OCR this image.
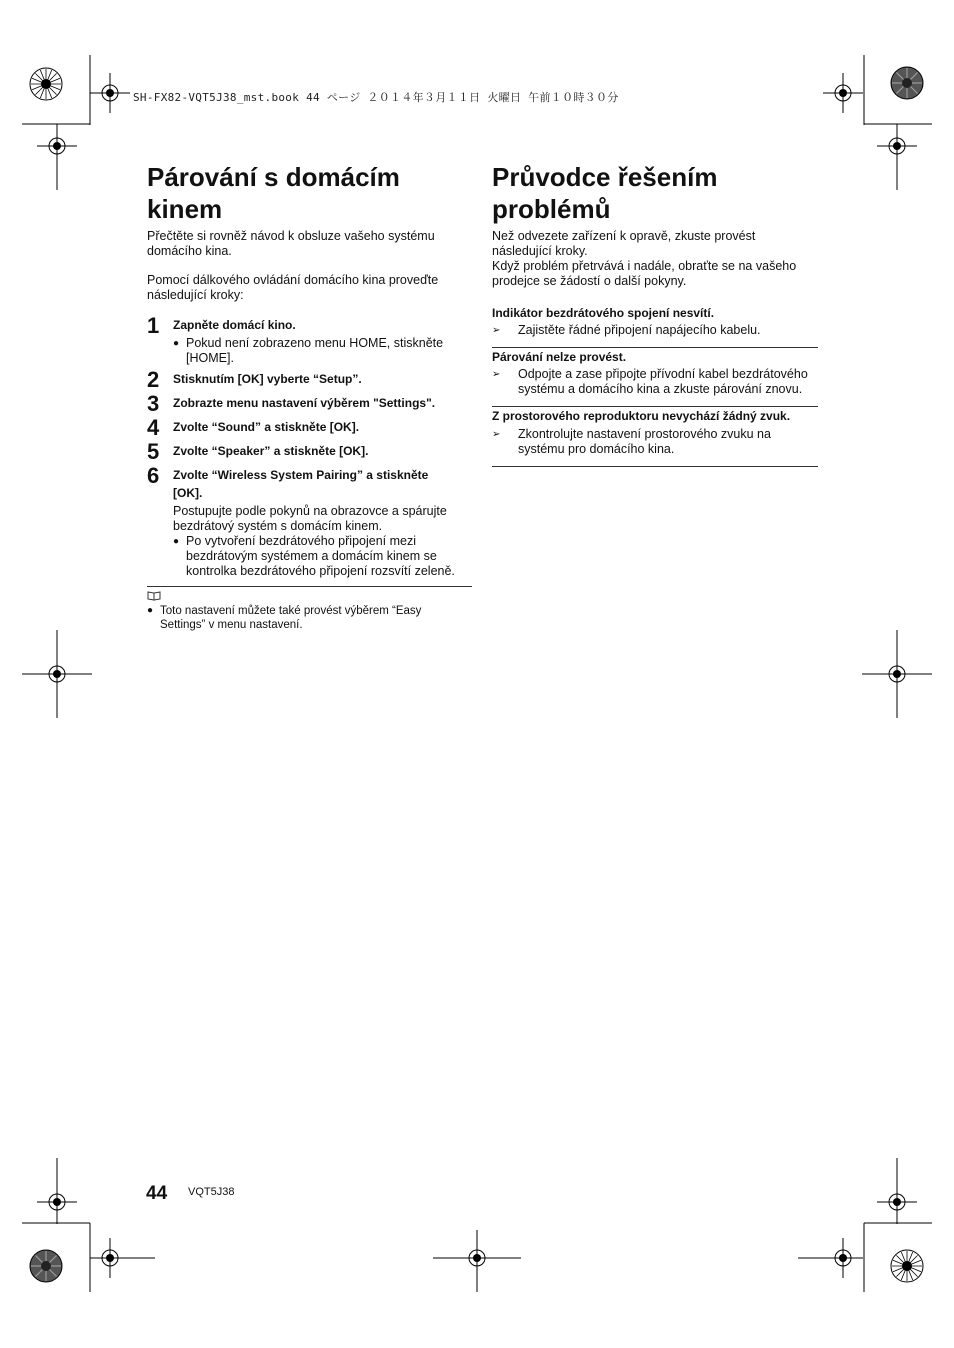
SH-FX82-VQT5J38_mst.book 44 ページ ２０１４年３月１１日 火曜日 午前１０時３０分
Párování s domácím
kinem
Přečtěte si rovněž návod k obsluze vašeho systému
domácího kina.
Pomocí dálkového ovládání domácího kina proveďte
následující kroky:
1 Zapněte domácí kino.
● Pokud není zobrazeno menu HOME, stiskněte
[HOME].
2 Stisknutím [OK] vyberte “Setup”.
3 Zobrazte menu nastavení výběrem "Settings".
4 Zvolte “Sound” a stiskněte [OK].
5 Zvolte “Speaker” a stiskněte [OK].
6 Zvolte “Wireless System Pairing” a stiskněte
[OK].
Postupujte podle pokynů na obrazovce a spárujte
bezdrátový systém s domácím kinem.
● Po vytvoření bezdrátového připojení mezi
bezdrátovým systémem a domácím kinem se
kontrolka bezdrátového připojení rozsvítí zeleně.
● Toto nastavení můžete také provést výběrem “Easy
Settings” v menu nastavení.
Průvodce řešením
problémů
Než odvezete zařízení k opravě, zkuste provést
následující kroky.
Když problém přetrvává i nadále, obraťte se na vašeho
prodejce se žádostí o další pokyny.
Indikátor bezdrátového spojení nesvítí.
➢ Zajistěte řádné připojení napájecího kabelu.
Párování nelze provést.
➢ Odpojte a zase připojte přívodní kabel bezdrátového
systému a domácího kina a zkuste párování znovu.
Z prostorového reproduktoru nevychází žádný zvuk.
➢ Zkontrolujte nastavení prostorového zvuku na
systému pro domácího kina.
44 VQT5J38
